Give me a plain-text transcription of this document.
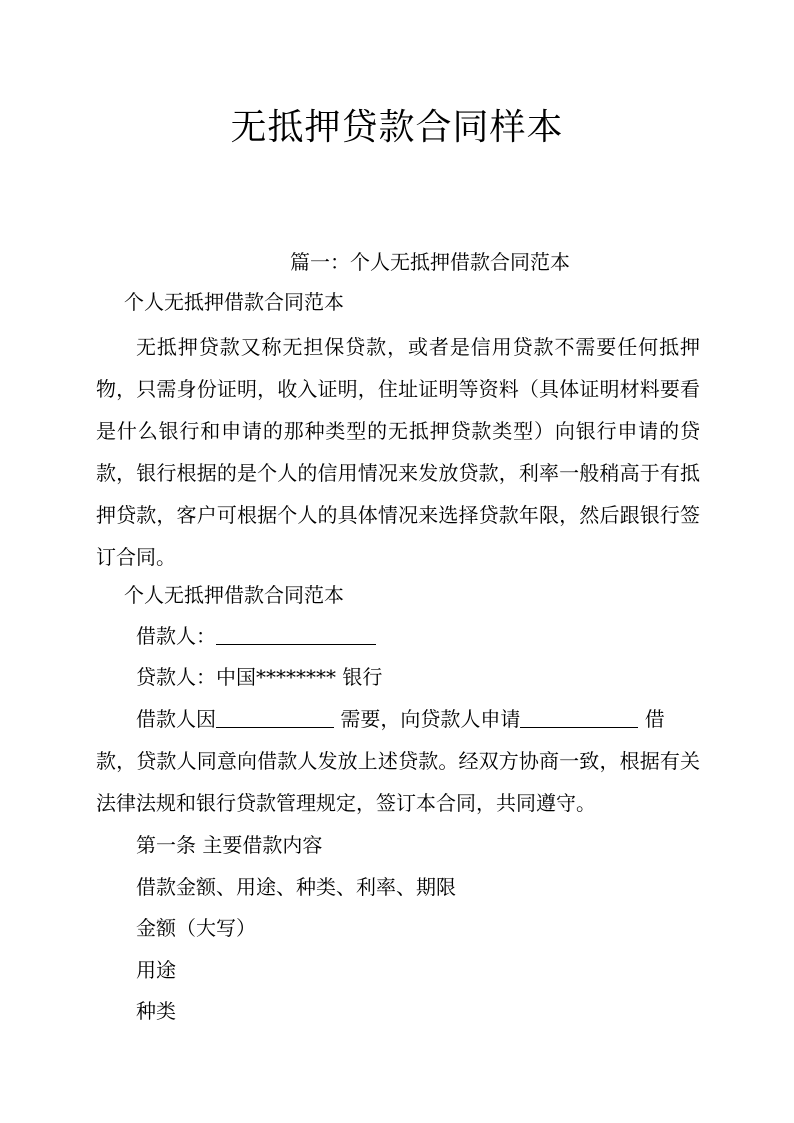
无抵押贷款合同样本

篇一：个人无抵押借款合同范本

个人无抵押借款合同范本

无抵押贷款又称无担保贷款，或者是信用贷款不需要任何抵押物，只需身份证明，收入证明，住址证明等资料（具体证明材料要看是什么银行和申请的那种类型的无抵押贷款类型）向银行申请的贷款，银行根据的是个人的信用情况来发放贷款，利率一般稍高于有抵押贷款，客户可根据个人的具体情况来选择贷款年限，然后跟银行签订合同。

个人无抵押借款合同范本

借款人：

贷款人：中国******** 银行

借款人因	需要，向贷款人申请	借

款，贷款人同意向借款人发放上述贷款。经双方协商一致，根据有关法律法规和银行贷款管理规定，签订本合同，共同遵守。

第一条 主要借款内容

借款金额、用途、种类、利率、期限

金额（大写）

用途

种类
